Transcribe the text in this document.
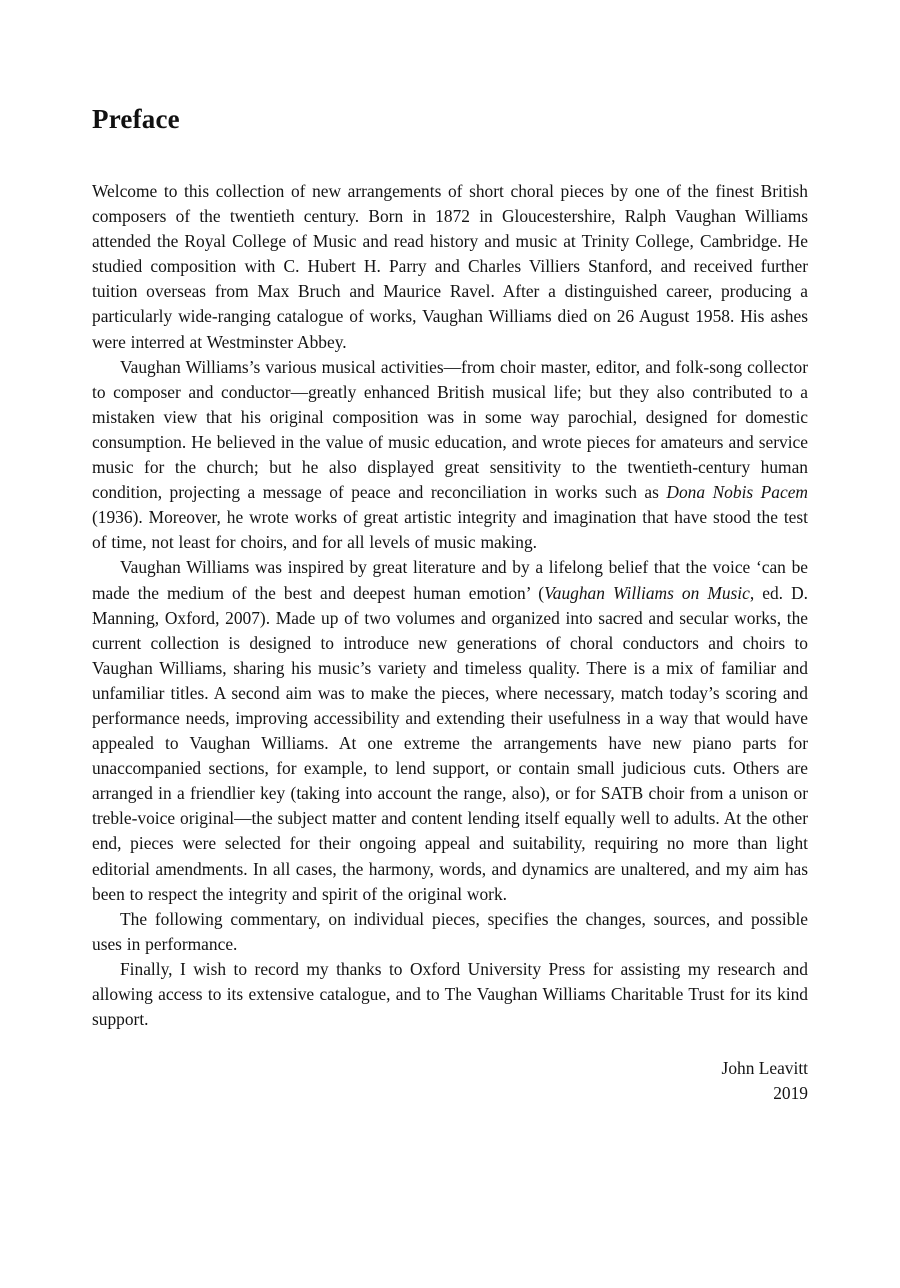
Preface

Welcome to this collection of new arrangements of short choral pieces by one of the finest British composers of the twentieth century. Born in 1872 in Gloucestershire, Ralph Vaughan Williams attended the Royal College of Music and read history and music at Trinity College, Cambridge. He studied composition with C. Hubert H. Parry and Charles Villiers Stanford, and received further tuition overseas from Max Bruch and Maurice Ravel. After a distinguished career, producing a particularly wide-ranging catalogue of works, Vaughan Williams died on 26 August 1958. His ashes were interred at Westminster Abbey.

Vaughan Williams’s various musical activities—from choir master, editor, and folk-song collector to composer and conductor—greatly enhanced British musical life; but they also contributed to a mistaken view that his original composition was in some way parochial, designed for domestic consumption. He believed in the value of music education, and wrote pieces for amateurs and service music for the church; but he also displayed great sensitivity to the twentieth-century human condition, projecting a message of peace and reconciliation in works such as Dona Nobis Pacem (1936). Moreover, he wrote works of great artistic integrity and imagination that have stood the test of time, not least for choirs, and for all levels of music making.

Vaughan Williams was inspired by great literature and by a lifelong belief that the voice ‘can be made the medium of the best and deepest human emotion’ (Vaughan Williams on Music, ed. D. Manning, Oxford, 2007). Made up of two volumes and organized into sacred and secular works, the current collection is designed to introduce new generations of choral conductors and choirs to Vaughan Williams, sharing his music’s variety and timeless quality. There is a mix of familiar and unfamiliar titles. A second aim was to make the pieces, where necessary, match today’s scoring and performance needs, improving accessibility and extending their usefulness in a way that would have appealed to Vaughan Williams. At one extreme the arrangements have new piano parts for unaccompanied sections, for example, to lend support, or contain small judicious cuts. Others are arranged in a friendlier key (taking into account the range, also), or for SATB choir from a unison or treble-voice original—the subject matter and content lending itself equally well to adults. At the other end, pieces were selected for their ongoing appeal and suitability, requiring no more than light editorial amendments. In all cases, the harmony, words, and dynamics are unaltered, and my aim has been to respect the integrity and spirit of the original work.

The following commentary, on individual pieces, specifies the changes, sources, and possible uses in performance.

Finally, I wish to record my thanks to Oxford University Press for assisting my research and allowing access to its extensive catalogue, and to The Vaughan Williams Charitable Trust for its kind support.

John Leavitt
2019
